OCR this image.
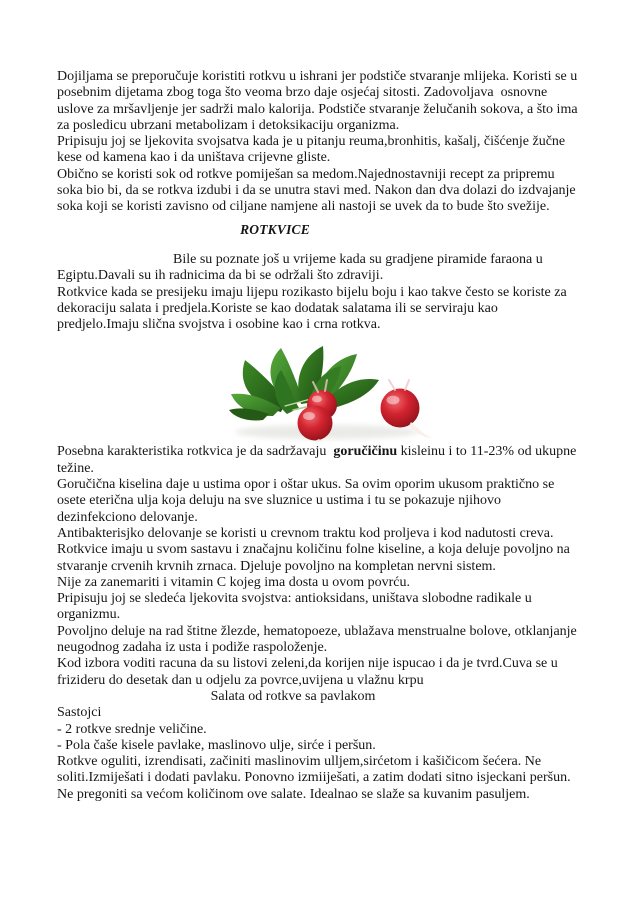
Dojiljama se preporučuje koristiti rotkvu u ishrani jer podstiče stvaranje mlijeka. Koristi se u posebnim dijetama zbog toga što veoma brzo daje osjećaj sitosti. Zadovoljava  osnovne uslove za mršavljenje jer sadrži malo kalorija. Podstiče stvaranje želučanih sokova, a što ima za posledicu ubrzani metabolizam i detoksikaciju organizma.

Pripisuju joj se ljekovita svojsatva kada je u pitanju reuma,bronhitis, kašalj, čišćenje žučne kese od kamena kao i da uništava crijevne gliste.

Obično se koristi sok od rotkve pomiješan sa medom.Najednostavniji recept za pripremu soka bio bi, da se rotkva izdubi i da se unutra stavi med. Nakon dan dva dolazi do izdvajanje soka koji se koristi zavisno od ciljane namjene ali nastoji se uvek da to bude što svežije.

ROTKVICE

Bile su poznate još u vrijeme kada su gradjene piramide faraona u Egiptu.Davali su ih radnicima da bi se održali što zdraviji.

Rotkvice kada se presijeku imaju lijepu rozikasto bijelu boju i kao takve često se koriste za dekoraciju salata i predjela.Koriste se kao dodatak salatama ili se serviraju kao predjelo.Imaju slična svojstva i osobine kao i crna rotkva.

Posebna karakteristika rotkvica je da sadržavaju  goručičinu kisleinu i to 11-23% od ukupne težine.

Goručična kiselina daje u ustima opor i oštar ukus. Sa ovim oporim ukusom praktično se osete eterična ulja koja deluju na sve sluznice u ustima i tu se pokazuje njihovo dezinfekciono delovanje.

Antibakterisjko delovanje se koristi u crevnom traktu kod proljeva i kod nadutosti creva.

Rotkvice imaju u svom sastavu i značajnu količinu folne kiseline, a koja deluje povoljno na stvaranje crvenih krvnih zrnaca. Djeluje povoljno na kompletan nervni sistem.

Nije za zanemariti i vitamin C kojeg ima dosta u ovom povrću.

Pripisuju joj se sledeća ljekovita svojstva: antioksidans, uništava slobodne radikale u organizmu.

Povoljno deluje na rad štitne žlezde, hematopoeze, ublažava menstrualne bolove, otklanjanje neugodnog zadaha iz usta i podiže raspoloženje.

Kod izbora voditi racuna da su listovi zeleni,da korijen nije ispucao i da je tvrd.Cuva se u frizideru do desetak dan u odjelu za povrce,uvijena u vlažnu krpu

Salata od rotkve sa pavlakom

Sastojci

- 2 rotkve srednje veličine.

- Pola čaše kisele pavlake, maslinovo ulje, sirće i peršun.

Rotkve oguliti, izrendisati, začiniti maslinovim ulljem,sirćetom i kašičicom šećera. Ne soliti.Izmiješati i dodati pavlaku. Ponovno izmiiješati, a zatim dodati sitno isjeckani peršun.

Ne pregoniti sa većom količinom ove salate. Idealnao se slaže sa kuvanim pasuljem.
